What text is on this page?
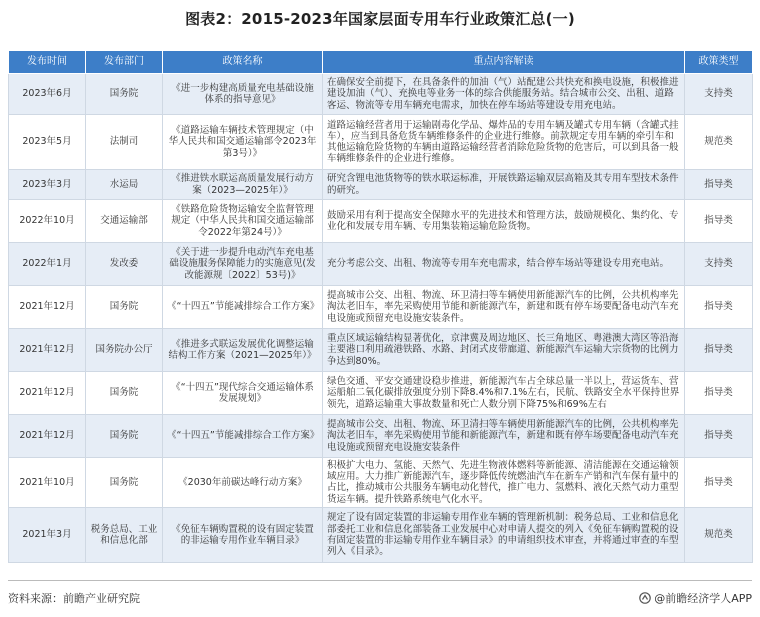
图表2：2015-2023年国家层面专用车行业政策汇总(一)
发布时间	发布部门	政策名称	重点内容解读	政策类型
2023年6月	国务院	《进一步构建高质量充电基础设施体系的指导意见》	在确保安全前提下，在具备条件的加油（气）站配建公共快充和换电设施，积极推进建设加油（气）、充换电等业务一体的综合供能服务站。结合城市公交、出租、道路客运、物流等专用车辆充电需求，加快在停车场站等建设专用充电站。	支持类
2023年5月	法制司	《道路运输车辆技术管理规定（中华人民共和国交通运输部令2023年第3号）》	道路运输经营者用于运输剧毒化学品、爆炸品的专用车辆及罐式专用车辆（含罐式挂车），应当到具备危货车辆维修条件的企业进行维修。前款规定专用车辆的牵引车和其他运输危险货物的车辆由道路运输经营者消除危险货物的危害后，可以到具备一般车辆维修条件的企业进行维修。	规范类
2023年3月	水运局	《推进铁水联运高质量发展行动方案（2023—2025年）》	研究含锂电池货物等的铁水联运标准，开展铁路运输双层高箱及其专用车型技术条件的研究。	指导类
2022年10月	交通运输部	《铁路危险货物运输安全监督管理规定（中华人民共和国交通运输部令2022年第24号）》	鼓励采用有利于提高安全保障水平的先进技术和管理方法，鼓励规模化、集约化、专业化和发展专用车辆、专用集装箱运输危险货物。	指导类
2022年1月	发改委	《关于进一步提升电动汽车充电基础设施服务保障能力的实施意见(发改能源规〔2022〕53号)》	充分考虑公交、出租、物流等专用车充电需求，结合停车场站等建设专用充电站。	支持类
2021年12月	国务院	《“十四五”节能减排综合工作方案》	提高城市公交、出租、物流、环卫清扫等车辆使用新能源汽车的比例，公共机构率先淘汰老旧车，率先采购使用节能和新能源汽车，新建和既有停车场要配备电动汽车充电设施或预留充电设施安装条件。	指导类
2021年12月	国务院办公厅	《推进多式联运发展优化调整运输结构工作方案（2021—2025年）》	重点区域运输结构显著优化，京津冀及周边地区、长三角地区、粤港澳大湾区等沿海主要港口利用疏港铁路、水路、封闭式皮带廊道、新能源汽车运输大宗货物的比例力争达到80%。	指导类
2021年12月	国务院	《“十四五”现代综合交通运输体系发展规划》	绿色交通、平安交通建设稳步推进，新能源汽车占全球总量一半以上，营运货车、营运船舶二氧化碳排放强度分别下降8.4%和7.1%左右，民航、铁路安全水平保持世界领先，道路运输重大事故数量和死亡人数分别下降75%和69%左右	指导类
2021年12月	国务院	《“十四五”节能减排综合工作方案》	提高城市公交、出租、物流、环卫清扫等车辆使用新能源汽车的比例，公共机构率先淘汰老旧车，率先采购使用节能和新能源汽车，新建和既有停车场要配备电动汽车充电设施或预留充电设施安装条件	指导类
2021年10月	国务院	《2030年前碳达峰行动方案》	积极扩大电力、氢能、天然气、先进生物液体燃料等新能源、清洁能源在交通运输领域应用。大力推广新能源汽车，逐步降低传统燃油汽车在新车产销和汽车保有量中的占比，推动城市公共服务车辆电动化替代，推广电力、氢燃料、液化天然气动力重型货运车辆。提升铁路系统电气化水平。	指导类
2021年3月	税务总局、工业和信息化部	《免征车辆购置税的设有固定装置的非运输专用作业车辆目录》	规定了设有固定装置的非运输专用作业车辆的管理新机制：税务总局、工业和信息化部委托工业和信息化部装备工业发展中心对申请人提交的列入《免征车辆购置税的设有固定装置的非运输专用作业车辆目录》的申请组织技术审查，并将通过审查的车型列入《目录》。	规范类
资料来源：前瞻产业研究院	@前瞻经济学人APP
